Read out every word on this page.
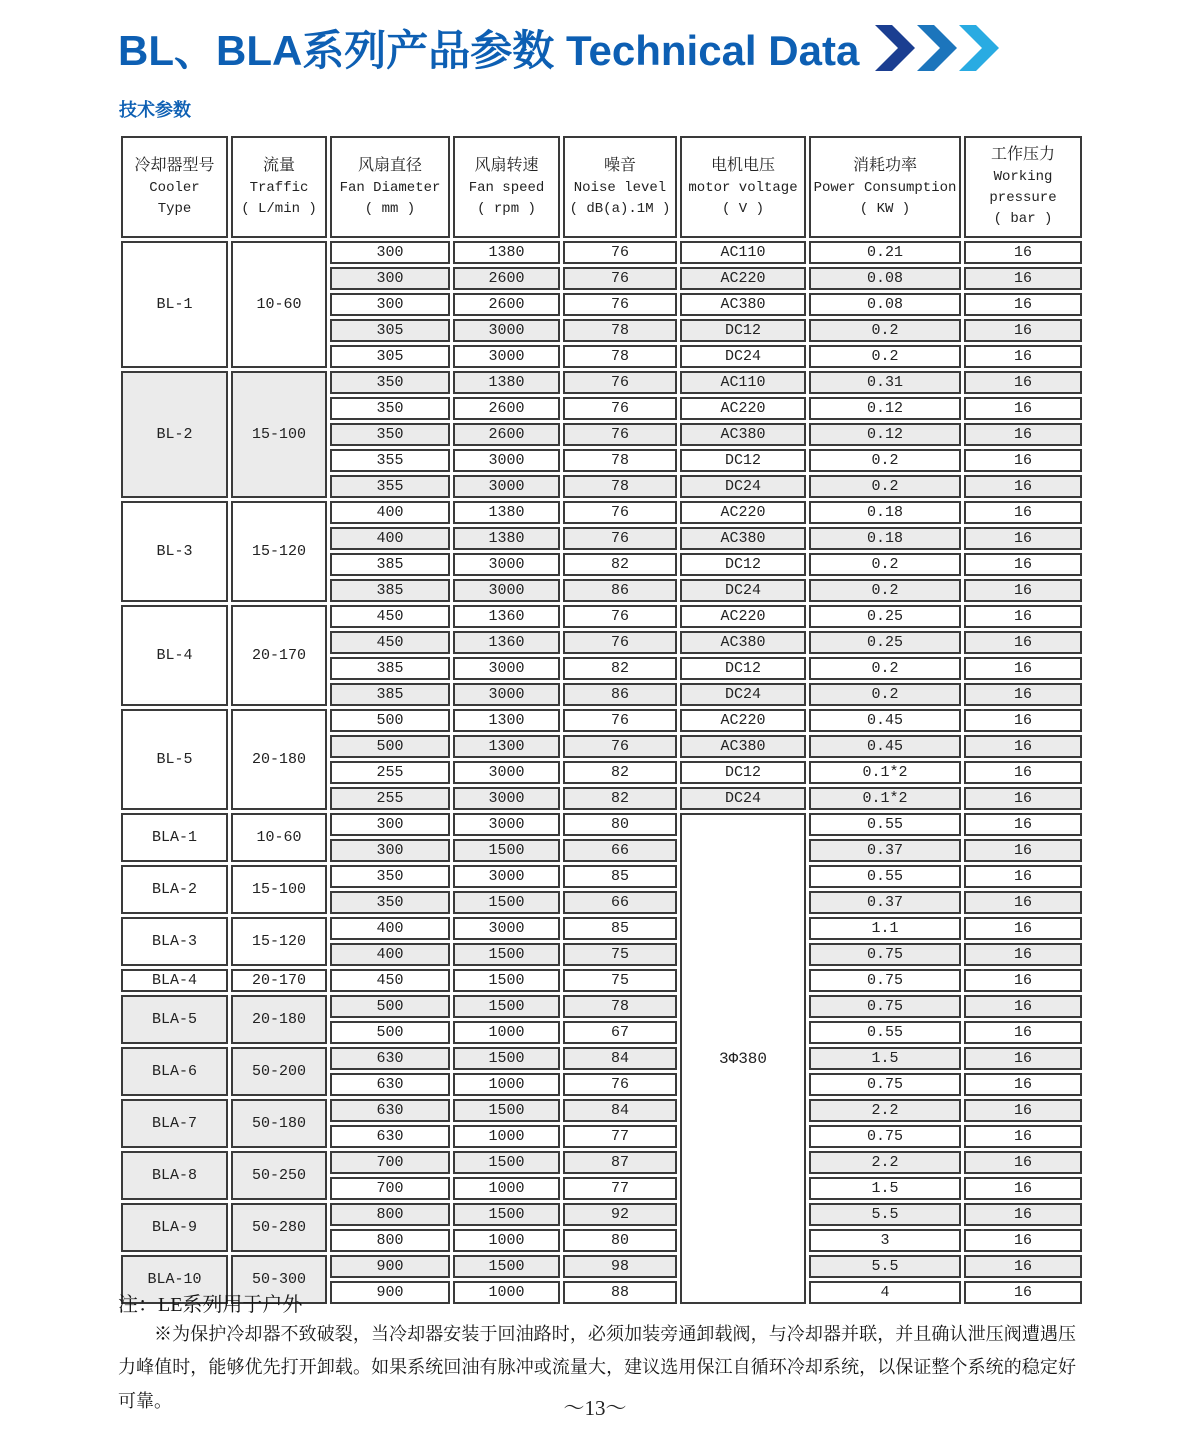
BL、BLA系列产品参数 Technical Data
技术参数
冷却器型号
Cooler
Type

流量
Traffic
( L/min )

风扇直径
Fan Diameter
( mm )

风扇转速
Fan speed
( rpm )

噪音
Noise level
( dB(a).1M )

电机电压
motor voltage
( V )

消耗功率
Power Consumption
( KW )

工作压力
Working
pressure
( bar )

BL-1	10-60	300	1380	76	AC110	0.21	16
		300	2600	76	AC220	0.08	16
		300	2600	76	AC380	0.08	16
		305	3000	78	DC12	0.2	16
		305	3000	78	DC24	0.2	16
BL-2	15-100	350	1380	76	AC110	0.31	16
		350	2600	76	AC220	0.12	16
		350	2600	76	AC380	0.12	16
		355	3000	78	DC12	0.2	16
		355	3000	78	DC24	0.2	16
BL-3	15-120	400	1380	76	AC220	0.18	16
		400	1380	76	AC380	0.18	16
		385	3000	82	DC12	0.2	16
		385	3000	86	DC24	0.2	16
BL-4	20-170	450	1360	76	AC220	0.25	16
		450	1360	76	AC380	0.25	16
		385	3000	82	DC12	0.2	16
		385	3000	86	DC24	0.2	16
BL-5	20-180	500	1300	76	AC220	0.45	16
		500	1300	76	AC380	0.45	16
		255	3000	82	DC12	0.1*2	16
		255	3000	82	DC24	0.1*2	16
BLA-1	10-60	300	3000	80	3Φ380	0.55	16
		300	1500	66		0.37	16
BLA-2	15-100	350	3000	85		0.55	16
		350	1500	66		0.37	16
BLA-3	15-120	400	3000	85		1.1	16
		400	1500	75		0.75	16
BLA-4	20-170	450	1500	75		0.75	16
BLA-5	20-180	500	1500	78		0.75	16
		500	1000	67		0.55	16
BLA-6	50-200	630	1500	84		1.5	16
		630	1000	76		0.75	16
BLA-7	50-180	630	1500	84		2.2	16
		630	1000	77		0.75	16
BLA-8	50-250	700	1500	87		2.2	16
		700	1000	77		1.5	16
BLA-9	50-280	800	1500	92		5.5	16
		800	1000	80		3	16
BLA-10	50-300	900	1500	98		5.5	16
		900	1000	88		4	16
注：LE系列用于户外

※为保护冷却器不致破裂，当冷却器安装于回油路时，必须加装旁通卸载阀，与冷却器并联，并且确认泄压阀遭遇压力峰值时，能够优先打开卸载。如果系统回油有脉冲或流量大，建议选用保江自循环冷却系统，以保证整个系统的稳定好可靠。	～13～
